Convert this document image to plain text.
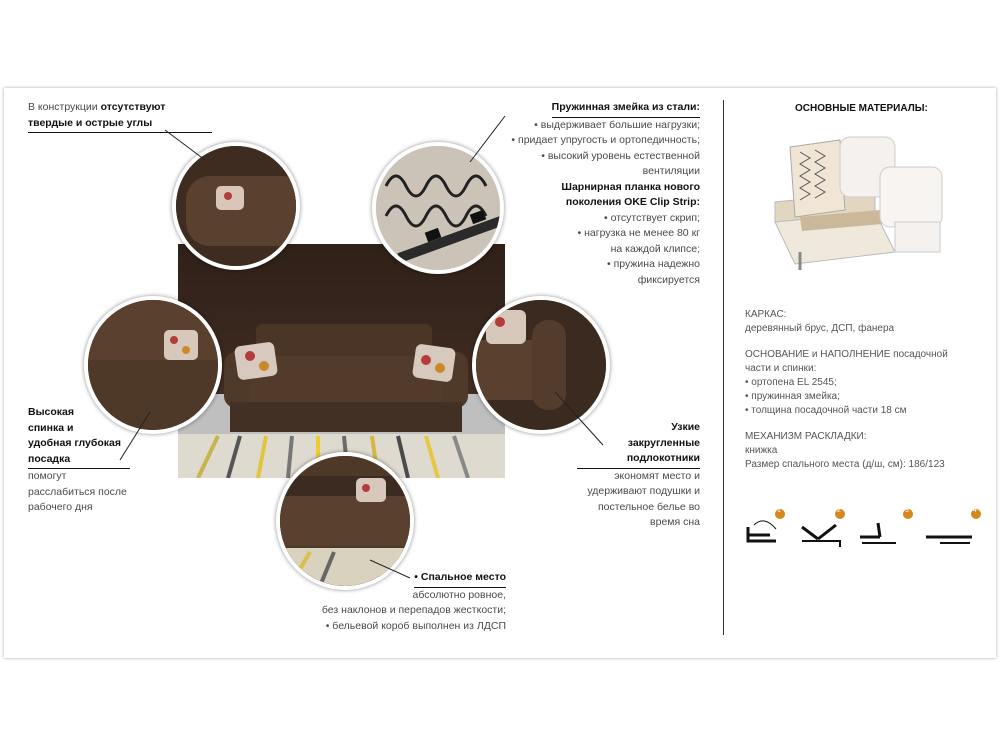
В конструкции отсутствуют
твердые и острые углы
Пружинная змейка из стали:
• выдерживает большие нагрузки;
• придает упругость и ортопедичность;
• высокий уровень естественной
вентиляции
Шарнирная планка нового
поколения OKE Clip Strip:
• отсутствует скрип;
• нагрузка не менее 80 кг
на каждой клипсе;
• пружина надежно
фиксируется
Высокая
спинка и
удобная глубокая
посадка
помогут
расслабиться после
рабочего дня
Узкие
закругленные
подлокотники
экономят место и
удерживают подушки и
постельное белье во
время сна
• Спальное место
абсолютно ровное,
без наклонов и перепадов жесткости;
• бельевой короб выполнен из ЛДСП
ОСНОВНЫЕ МАТЕРИАЛЫ:
КАРКАС:
деревянный брус, ДСП, фанера
ОСНОВАНИЕ и НАПОЛНЕНИЕ посадочной
части и спинки:
• ортопена EL 2545;
• пружинная змейка;
• толщина посадочной части 18 см
МЕХАНИЗМ РАСКЛАДКИ:
книжка
Размер спального места (д/ш, см): 186/123
1	2	3	4
